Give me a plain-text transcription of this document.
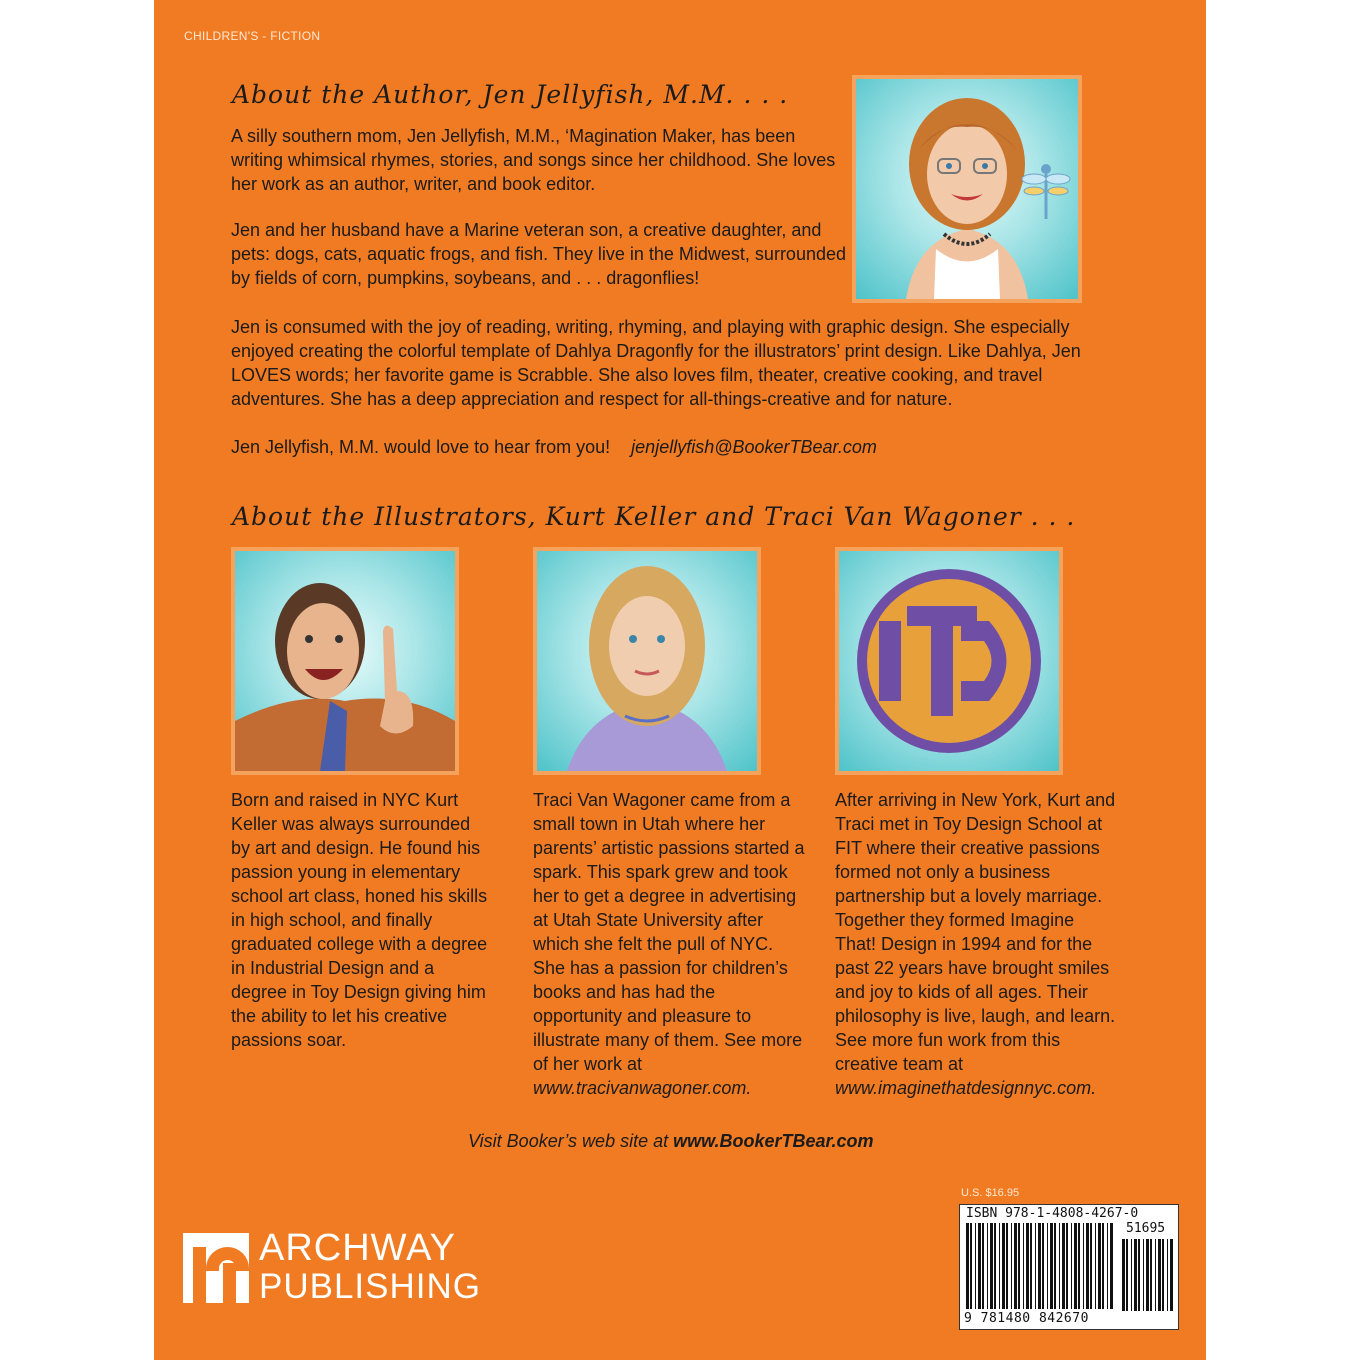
CHILDREN'S - FICTION
About the Author, Jen Jellyfish, M.M. . . .
A silly southern mom, Jen Jellyfish, M.M., ‘Magination Maker, has been writing whimsical rhymes, stories, and songs since her childhood. She loves her work as an author, writer, and book editor.
Jen and her husband have a Marine veteran son, a creative daughter, and pets: dogs, cats, aquatic frogs, and fish. They live in the Midwest, surrounded by fields of corn, pumpkins, soybeans, and . . . dragonflies!
Jen is consumed with the joy of reading, writing, rhyming, and playing with graphic design. She especially enjoyed creating the colorful template of Dahlya Dragonfly for the illustrators’ print design. Like Dahlya, Jen LOVES words; her favorite game is Scrabble. She also loves film, theater, creative cooking, and travel adventures. She has a deep appreciation and respect for all-things-creative and for nature.
Jen Jellyfish, M.M. would love to hear from you! jenjellyfish@BookerTBear.com
About the Illustrators, Kurt Keller and Traci Van Wagoner . . .
Born and raised in NYC Kurt Keller was always surrounded by art and design. He found his passion young in elementary school art class, honed his skills in high school, and finally graduated college with a degree in Industrial Design and a degree in Toy Design giving him the ability to let his creative passions soar.
Traci Van Wagoner came from a small town in Utah where her parents’ artistic passions started a spark. This spark grew and took her to get a degree in advertising at Utah State University after which she felt the pull of NYC. She has a passion for children’s books and has had the opportunity and pleasure to illustrate many of them. See more of her work at www.tracivanwagoner.com.
After arriving in New York, Kurt and Traci met in Toy Design School at FIT where their creative passions formed not only a business partnership but a lovely marriage. Together they formed Imagine That! Design in 1994 and for the past 22 years have brought smiles and joy to kids of all ages. Their philosophy is live, laugh, and learn. See more fun work from this creative team at www.imaginethatdesignnyc.com.
Visit Booker’s web site at www.BookerTBear.com
ARCHWAY
PUBLISHING
U.S. $16.95
ISBN 978-1-4808-4267-0
51695
9 781480 842670
